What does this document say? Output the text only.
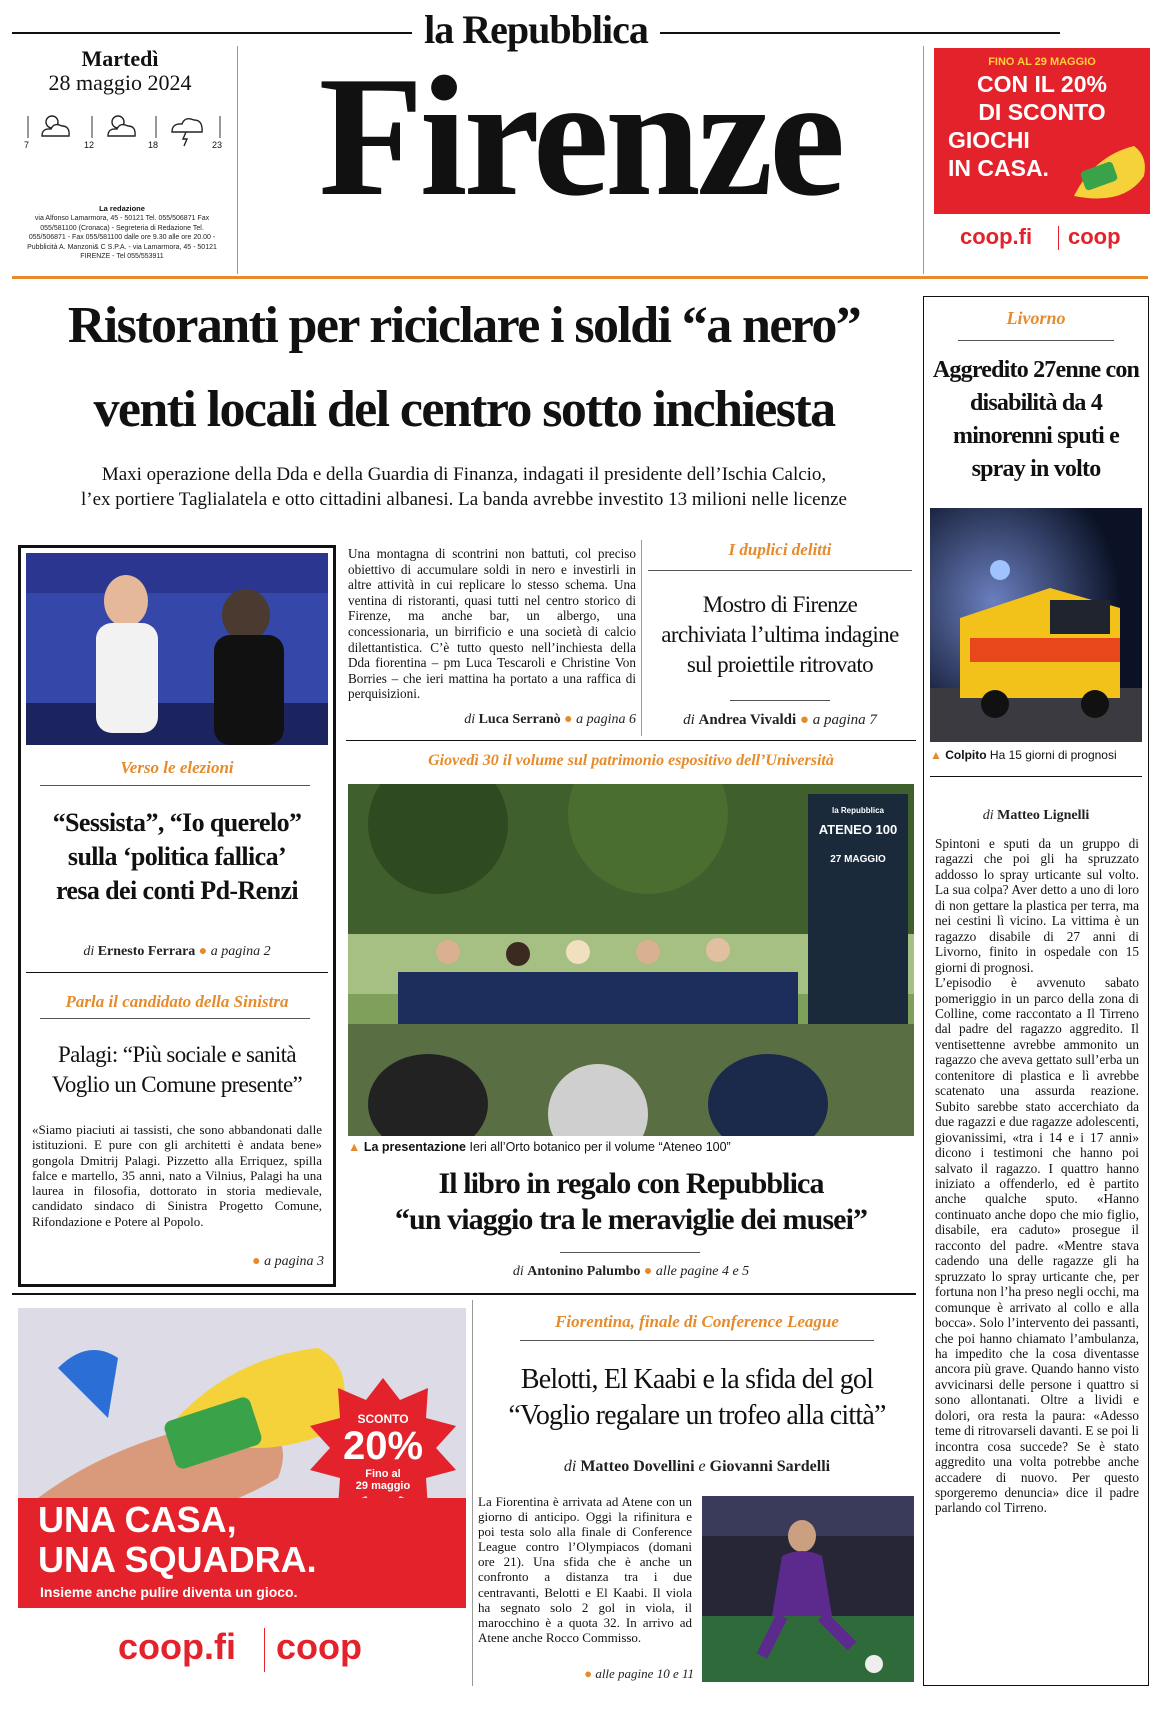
la Repubblica
Martedì
28 maggio 2024
7	12	18	23
La redazione
via Alfonso Lamarmora, 45 - 50121 Tel. 055/506871 Fax 055/581100 (Cronaca) - Segreteria di Redazione Tel. 055/506871 - Fax 055/581100 dalle ore 9.30 alle ore 20.00 - Pubblicità A. Manzoni& C S.P.A. - via Lamarmora, 45 - 50121 FIRENZE - Tel 055/553911
Firenze	FINO AL 29 MAGGIO
CON IL 20%
DI SCONTO
GIOCHI
IN CASA.
coop.fi coop
Ristoranti per riciclare i soldi “a nero”
venti locali del centro sotto inchiesta
Maxi operazione della Dda e della Guardia di Finanza, indagati il presidente dell’Ischia Calcio,
l’ex portiere Taglialatela e otto cittadini albanesi. La banda avrebbe investito 13 milioni nelle licenze
Livorno
Aggredito 27enne con disabilità da 4 minorenni sputi e spray in volto
▲ Colpito Ha 15 giorni di prognosi
di Matteo Lignelli
Spintoni e sputi da un gruppo di ragazzi che poi gli ha spruzzato addosso lo spray urticante sul volto. La sua colpa? Aver detto a uno di loro di non gettare la plastica per terra, ma nei cestini lì vicino. La vittima è un ragazzo disabile di 27 anni di Livorno, finito in ospedale con 15 giorni di prognosi.
L’episodio è avvenuto sabato pomeriggio in un parco della zona di Colline, come raccontato a Il Tirreno dal padre del ragazzo aggredito. Il ventisettenne avrebbe ammonito un ragazzo che aveva gettato sull’erba un contenitore di plastica e lì avrebbe scatenato una assurda reazione. Subito sarebbe stato accerchiato da due ragazzi e due ragazze adolescenti, giovanissimi, «tra i 14 e i 17 anni» dicono i testimoni che hanno poi salvato il ragazzo. I quattro hanno iniziato a offenderlo, ed è partito anche qualche sputo. «Hanno continuato anche dopo che mio figlio, disabile, era caduto» prosegue il racconto del padre. «Mentre stava cadendo una delle ragazze gli ha spruzzato lo spray urticante che, per fortuna non l’ha preso negli occhi, ma comunque è arrivato al collo e alla bocca». Solo l’intervento dei passanti, che poi hanno chiamato l’ambulanza, ha impedito che la cosa diventasse ancora più grave. Quando hanno visto avvicinarsi delle persone i quattro si sono allontanati. Oltre a lividi e dolori, ora resta la paura: «Adesso teme di ritrovarseli davanti. E se poi li incontra cosa succede? Se è stato aggredito una volta potrebbe anche accadere di nuovo. Per questo sporgeremo denuncia» dice il padre parlando col Tirreno.
Verso le elezioni
“Sessista”, “Io querelo”
sulla ‘politica fallica’
resa dei conti Pd-Renzi
di Ernesto Ferrara ● a pagina 2
Parla il candidato della Sinistra
Palagi: “Più sociale e sanità
Voglio un Comune presente”
«Siamo piaciuti ai tassisti, che sono abbandonati dalle istituzioni. E pure con gli architetti è andata bene» gongola Dmitrij Palagi. Pizzetto alla Erriquez, spilla falce e martello, 35 anni, nato a Vilnius, Palagi ha una laurea in filosofia, dottorato in storia medievale, candidato sindaco di Sinistra Progetto Comune, Rifondazione e Potere al Popolo.
● a pagina 3
Una montagna di scontrini non battuti, col preciso obiettivo di accumulare soldi in nero e investirli in altre attività in cui replicare lo stesso schema. Una ventina di ristoranti, quasi tutti nel centro storico di Firenze, ma anche bar, un albergo, una concessionaria, un birrificio e una società di calcio dilettantistica. C’è tutto questo nell’inchiesta della Dda fiorentina – pm Luca Tescaroli e Christine Von Borries – che ieri mattina ha portato a una raffica di perquisizioni.
di Luca Serranò ● a pagina 6
I duplici delitti
Mostro di Firenze
archiviata l’ultima indagine
sul proiettile ritrovato
di Andrea Vivaldi ● a pagina 7
Giovedì 30 il volume sul patrimonio espositivo dell’Università
la Repubblica
ATENEO 100
27 MAGGIO
▲ La presentazione Ieri all’Orto botanico per il volume “Ateneo 100”
Il libro in regalo con Repubblica
“un viaggio tra le meraviglie dei musei”
di Antonino Palumbo ● alle pagine 4 e 5
SCONTO
20%
Fino al
29 maggio
UNA CASA,
UNA SQUADRA.
Insieme anche pulire diventa un gioco.
coop.fi coop
Fiorentina, finale di Conference League
Belotti, El Kaabi e la sfida del gol
“Voglio regalare un trofeo alla città”
di Matteo Dovellini e Giovanni Sardelli
La Fiorentina è arrivata ad Atene con un giorno di anticipo. Oggi la rifinitura e poi testa solo alla finale di Conference League contro l’Olympiacos (domani ore 21). Una sfida che è anche un confronto a distanza tra i due centravanti, Belotti e El Kaabi. Il viola ha segnato solo 2 gol in viola, il marocchino è a quota 32. In arrivo ad Atene anche Rocco Commisso.
● alle pagine 10 e 11
